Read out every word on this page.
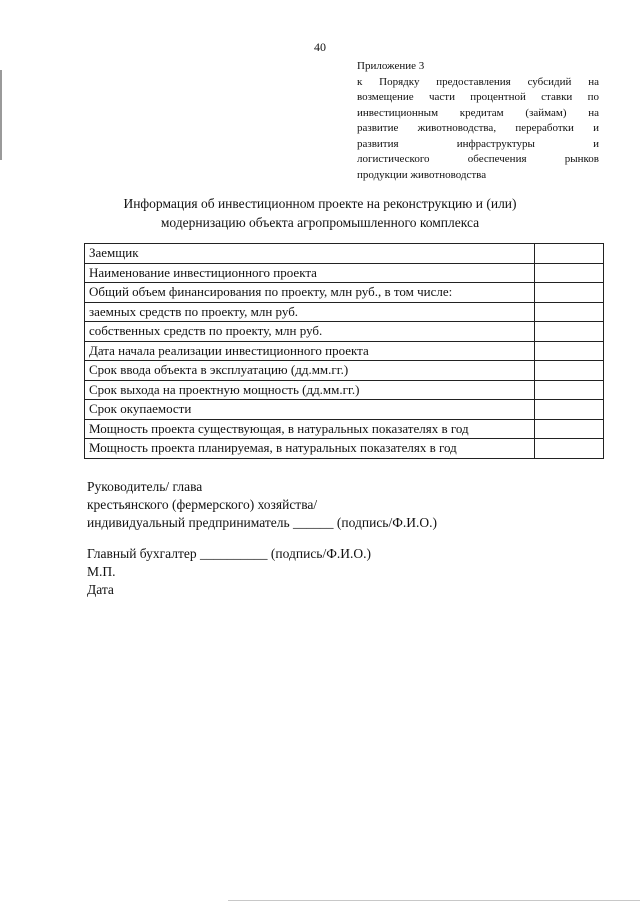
40
Приложение 3
к Порядку предоставления субсидий на
возмещение части процентной ставки по
инвестиционным кредитам (займам) на
развитие животноводства, переработки и
развития инфраструктуры и
логистического обеспечения рынков
продукции животноводства
Информация об инвестиционном проекте на реконструкцию и (или)
модернизацию объекта агропромышленного комплекса
Заемщик	
Наименование инвестиционного проекта	
Общий объем финансирования по проекту, млн руб., в том числе:	
заемных средств по проекту, млн руб.	
собственных средств по проекту, млн руб.	
Дата начала реализации инвестиционного проекта	
Срок ввода объекта в эксплуатацию (дд.мм.гг.)	
Срок выхода на проектную мощность (дд.мм.гг.)	
Срок окупаемости	
Мощность проекта существующая, в натуральных показателях в год	
Мощность проекта планируемая, в натуральных показателях в год	
Руководитель/ глава
крестьянского (фермерского) хозяйства/
индивидуальный предприниматель ______ (подпись/Ф.И.О.)
Главный бухгалтер __________ (подпись/Ф.И.О.)
М.П.
Дата
